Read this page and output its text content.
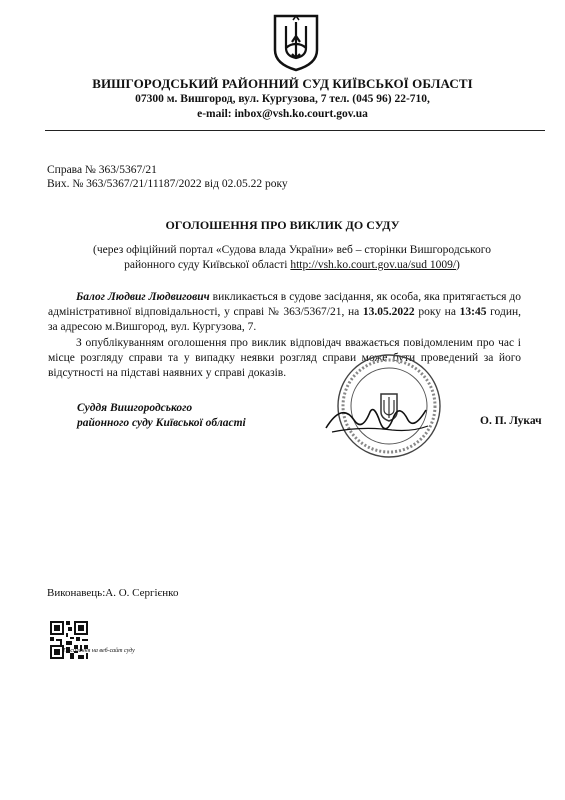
ВИШГОРОДСЬКИЙ РАЙОННИЙ СУД КИЇВСЬКОЇ ОБЛАСТІ
07300 м. Вишгород, вул. Кургузова, 7 тел. (045 96) 22-710,
e-mail: inbox@vsh.ko.court.gov.ua
Справа № 363/5367/21
Вих. № 363/5367/21/11187/2022 від 02.05.22 року
ОГОЛОШЕННЯ ПРО ВИКЛИК ДО СУДУ
(через офіційний портал «Судова влада України» веб – сторінки Вишгородського районного суду Київської області http://vsh.ko.court.gov.ua/sud 1009/)
Балог Людвиг Людвигович викликається в судове засідання, як особа, яка притягається до адміністративної відповідальності, у справі № 363/5367/21, на 13.05.2022 року на 13:45 годин, за адресою м.Вишгород, вул. Кургузова, 7.
З опублікуванням оголошення про виклик відповідач вважається повідомленим про час і місце розгляду справи та у випадку неявки розгляд справи може бути проведений за його відсутності на підставі наявних у справі доказів.
Суддя Вишгородського
районного суду Київської області	О. П. Лукач
Виконавець:А. О. Сергієнко
Посилання на веб-сайт суду
